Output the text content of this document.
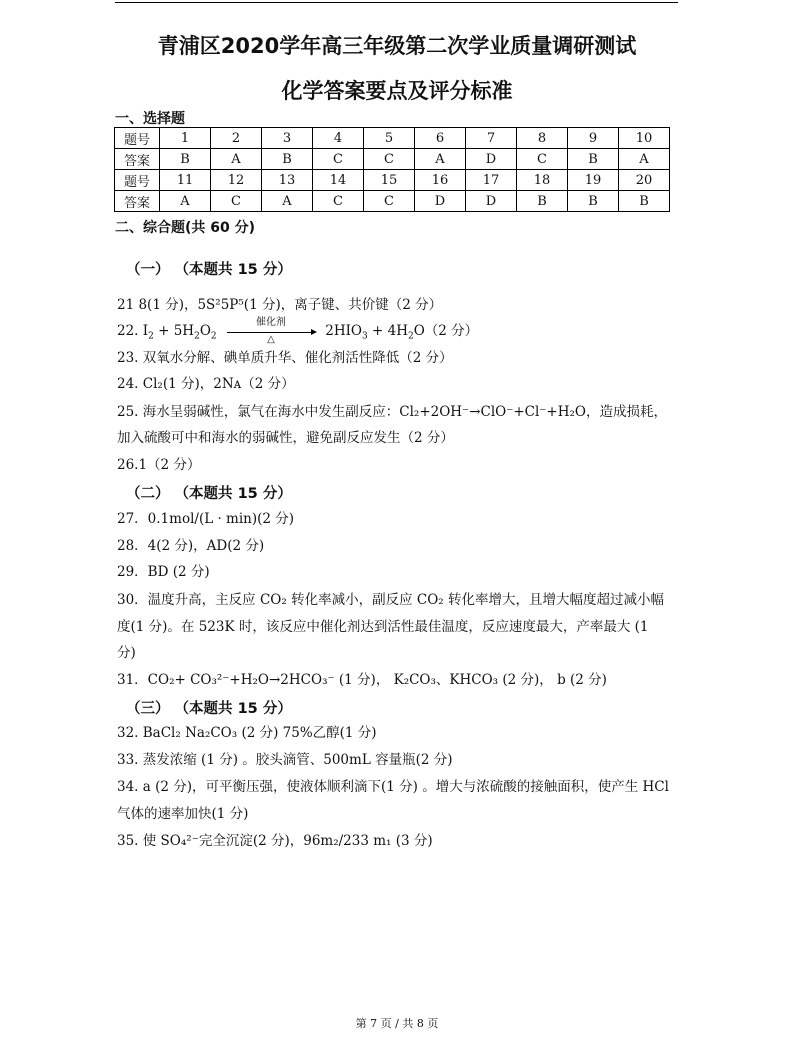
青浦区2020学年高三年级第二次学业质量调研测试
化学答案要点及评分标准
一、选择题
题号	1	2	3	4	5	6	7	8	9	10
答案	B	A	B	C	C	A	D	C	B	A
题号	11	12	13	14	15	16	17	18	19	20
答案	A	C	A	C	C	D	D	B	B	B
二、综合题(共 60 分)
（一） （本题共 15 分）
21 8(1 分)，5S²5P⁵(1 分)，离子键、共价键（2 分）
22. $I_2 + 5H_2O_2$
催化剂
△	$2HIO_3 + 4H_2O(2$ 分）
23. 双氧水分解、碘单质升华、催化剂活性降低（2 分）
24. Cl₂(1 分)，2Nᴀ（2 分）
25. 海水呈弱碱性，氯气在海水中发生副反应：Cl₂+2OH⁻→ClO⁻+Cl⁻+H₂O，造成损耗，
加入硫酸可中和海水的弱碱性，避免副反应发生（2 分）
26.1（2 分）
（二） （本题共 15 分）
27．0.1mol/(L · min)(2 分)
28．4(2 分)，AD(2 分)
29．BD (2 分)
30．温度升高，主反应 CO₂ 转化率减小，副反应 CO₂ 转化率增大，且增大幅度超过减小幅
度(1 分)。在 523K 时，该反应中催化剂达到活性最佳温度，反应速度最大，产率最大 (1
分)
31．CO₂+ CO₃²⁻+H₂O→2HCO₃⁻ (1 分)， K₂CO₃、KHCO₃ (2 分)， b (2 分)
（三） （本题共 15 分）
32. BaCl₂ Na₂CO₃ (2 分) 75%乙醇(1 分)
33. 蒸发浓缩 (1 分) 。胶头滴管、500mL 容量瓶(2 分)
34. a (2 分)，可平衡压强，使液体顺利滴下(1 分) 。增大与浓硫酸的接触面积，使产生 HCl
气体的速率加快(1 分)
35. 使 SO₄²⁻完全沉淀(2 分)，96m₂/233 m₁ (3 分)
第 7 页 / 共 8 页
